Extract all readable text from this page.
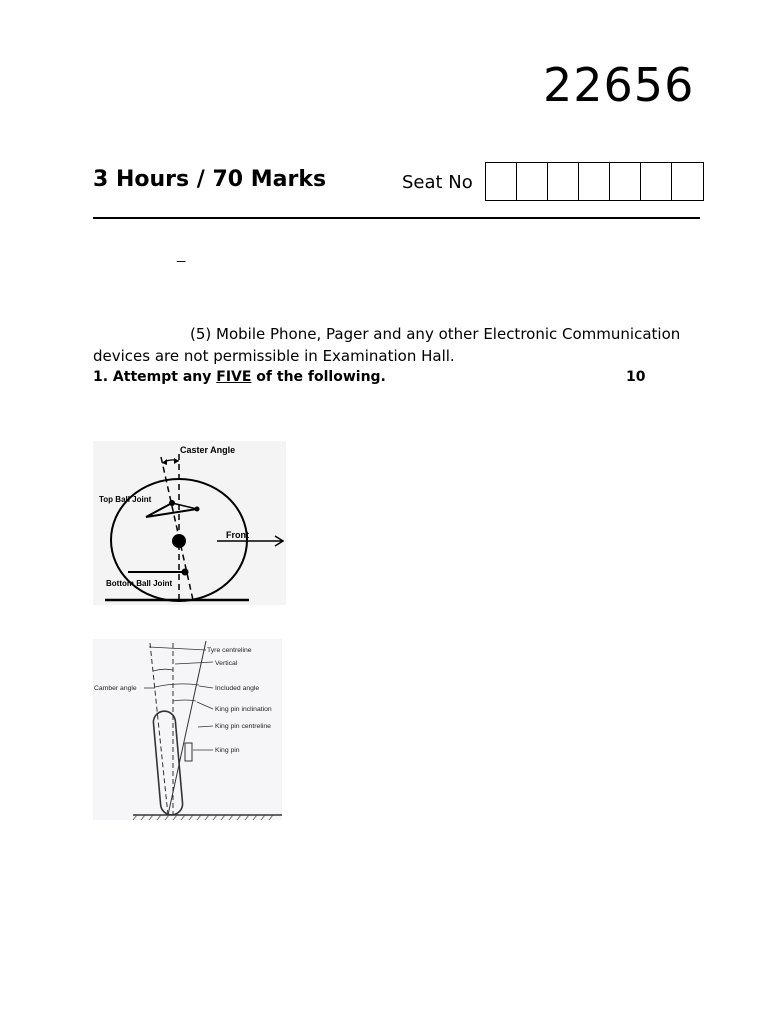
22656
3 Hours / 70 Marks	Seat No
_
(5) Mobile Phone, Pager and any other Electronic Communication devices are not permissible in Examination Hall.
1. Attempt any FIVE of the following.	10
Caster Angle
Top Ball Joint
Front
Bottom Ball Joint
Tyre centreline
Vertical
Camber angle	Included angle
King pin inclination
King pin centreline
King pin
